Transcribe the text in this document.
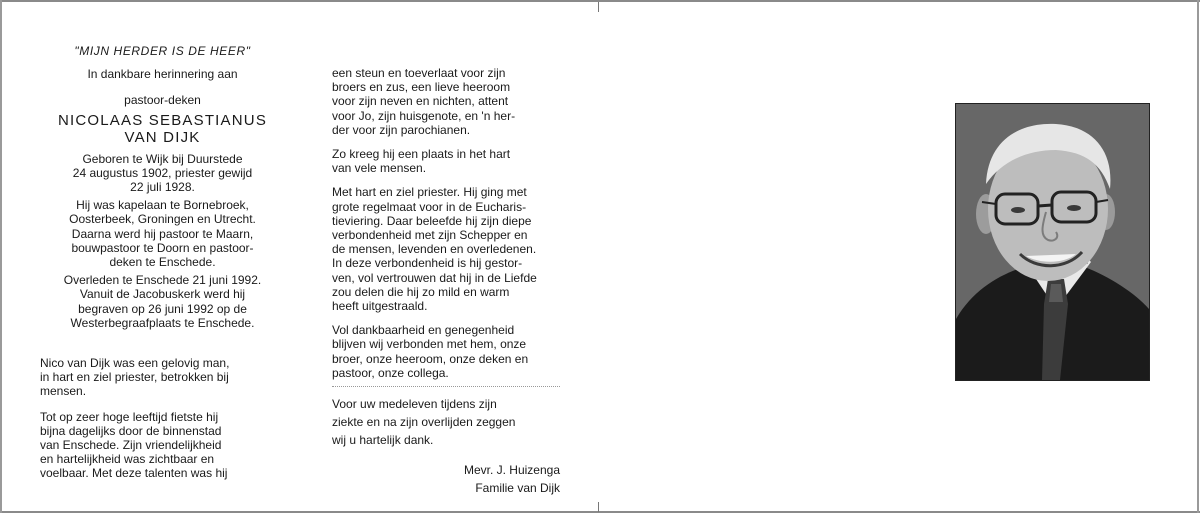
"MIJN HERDER IS DE HEER"

In dankbare herinnering aan

pastoor-deken

NICOLAAS SEBASTIANUS

VAN DIJK

Geboren te Wijk bij Duurstede
24 augustus 1902, priester gewijd
22 juli 1928.

Hij was kapelaan te Bornebroek,
Oosterbeek, Groningen en Utrecht.

Daarna werd hij pastoor te Maarn,
bouwpastoor te Doorn en pastoor-
deken te Enschede.

Overleden te Enschede 21 juni 1992.
Vanuit de Jacobuskerk werd hij
begraven op 26 juni 1992 op de
Westerbegraafplaats te Enschede.

Nico van Dijk was een gelovig man,
in hart en ziel priester, betrokken bij
mensen.

Tot op zeer hoge leeftijd fietste hij
bijna dagelijks door de binnenstad
van Enschede. Zijn vriendelijkheid
en hartelijkheid was zichtbaar en
voelbaar. Met deze talenten was hij

een steun en toeverlaat voor zijn
broers en zus, een lieve heeroom
voor zijn neven en nichten, attent
voor Jo, zijn huisgenote, en 'n her-
der voor zijn parochianen.

Zo kreeg hij een plaats in het hart
van vele mensen.

Met hart en ziel priester. Hij ging met
grote regelmaat voor in de Eucharis-
tieviering. Daar beleefde hij zijn diepe
verbondenheid met zijn Schepper en
de mensen, levenden en overledenen.
In deze verbondenheid is hij gestor-
ven, vol vertrouwen dat hij in de Liefde
zou delen die hij zo mild en warm
heeft uitgestraald.

Vol dankbaarheid en genegenheid
blijven wij verbonden met hem, onze
broer, onze heeroom, onze deken en
pastoor, onze collega.

Voor uw medeleven tijdens zijn
ziekte en na zijn overlijden zeggen
wij u hartelijk dank.

Mevr. J. Huizenga

Familie van Dijk
